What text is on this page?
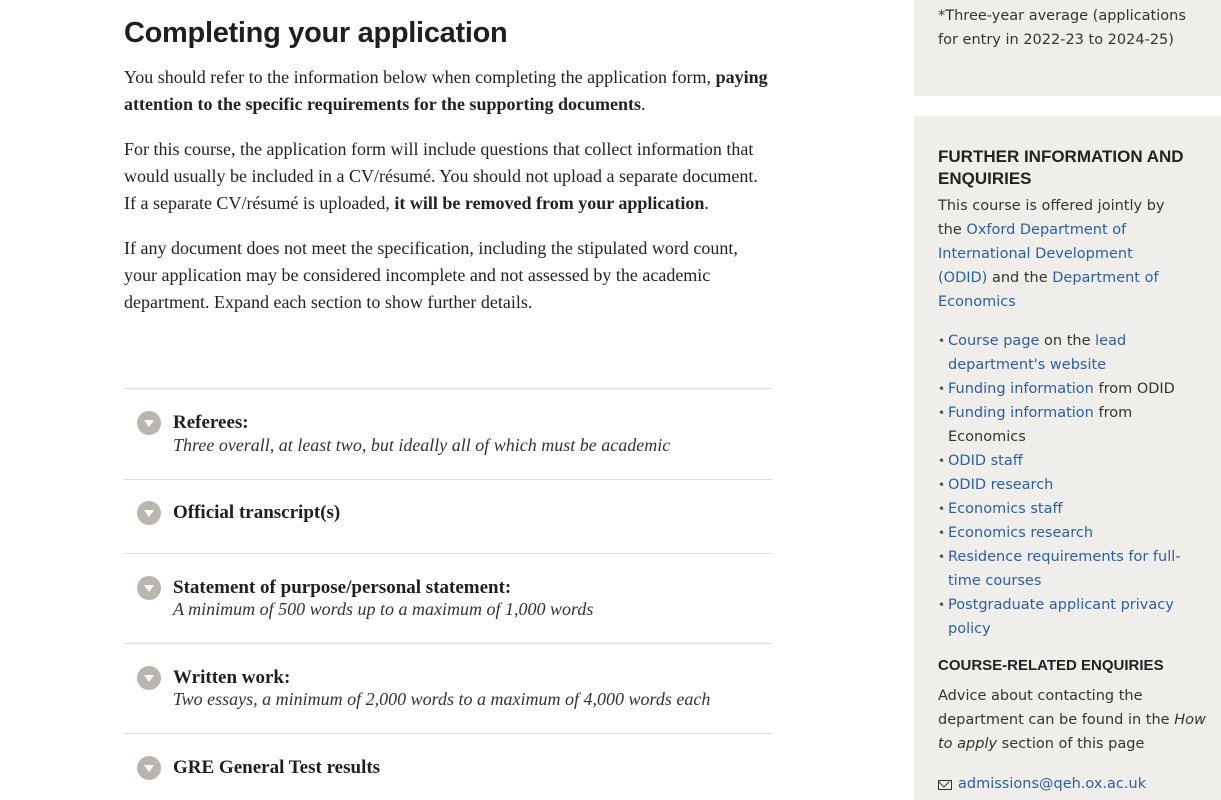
Completing your application

You should refer to the information below when completing the application form, paying attention to the specific requirements for the supporting documents.

For this course, the application form will include questions that collect information that would usually be included in a CV/résumé. You should not upload a separate document. If a separate CV/résumé is uploaded, it will be removed from your application.

If any document does not meet the specification, including the stipulated word count, your application may be considered incomplete and not assessed by the academic department. Expand each section to show further details.

Referees:
Three overall, at least two, but ideally all of which must be academic
Official transcript(s)
Statement of purpose/personal statement:
A minimum of 500 words up to a maximum of 1,000 words
Written work:
Two essays, a minimum of 2,000 words to a maximum of 4,000 words each
GRE General Test results

*Three-year average (applications for entry in 2022-23 to 2024-25)

FURTHER INFORMATION AND ENQUIRIES

This course is offered jointly by the Oxford Department of International Development (ODID) and the Department of Economics

• Course page on the lead department's website
• Funding information from ODID
• Funding information from Economics
• ODID staff
• ODID research
• Economics staff
• Economics research
• Residence requirements for full-time courses
• Postgraduate applicant privacy policy
COURSE-RELATED ENQUIRIES

Advice about contacting the department can be found in the How to apply section of this page

admissions@qeh.ox.ac.uk
